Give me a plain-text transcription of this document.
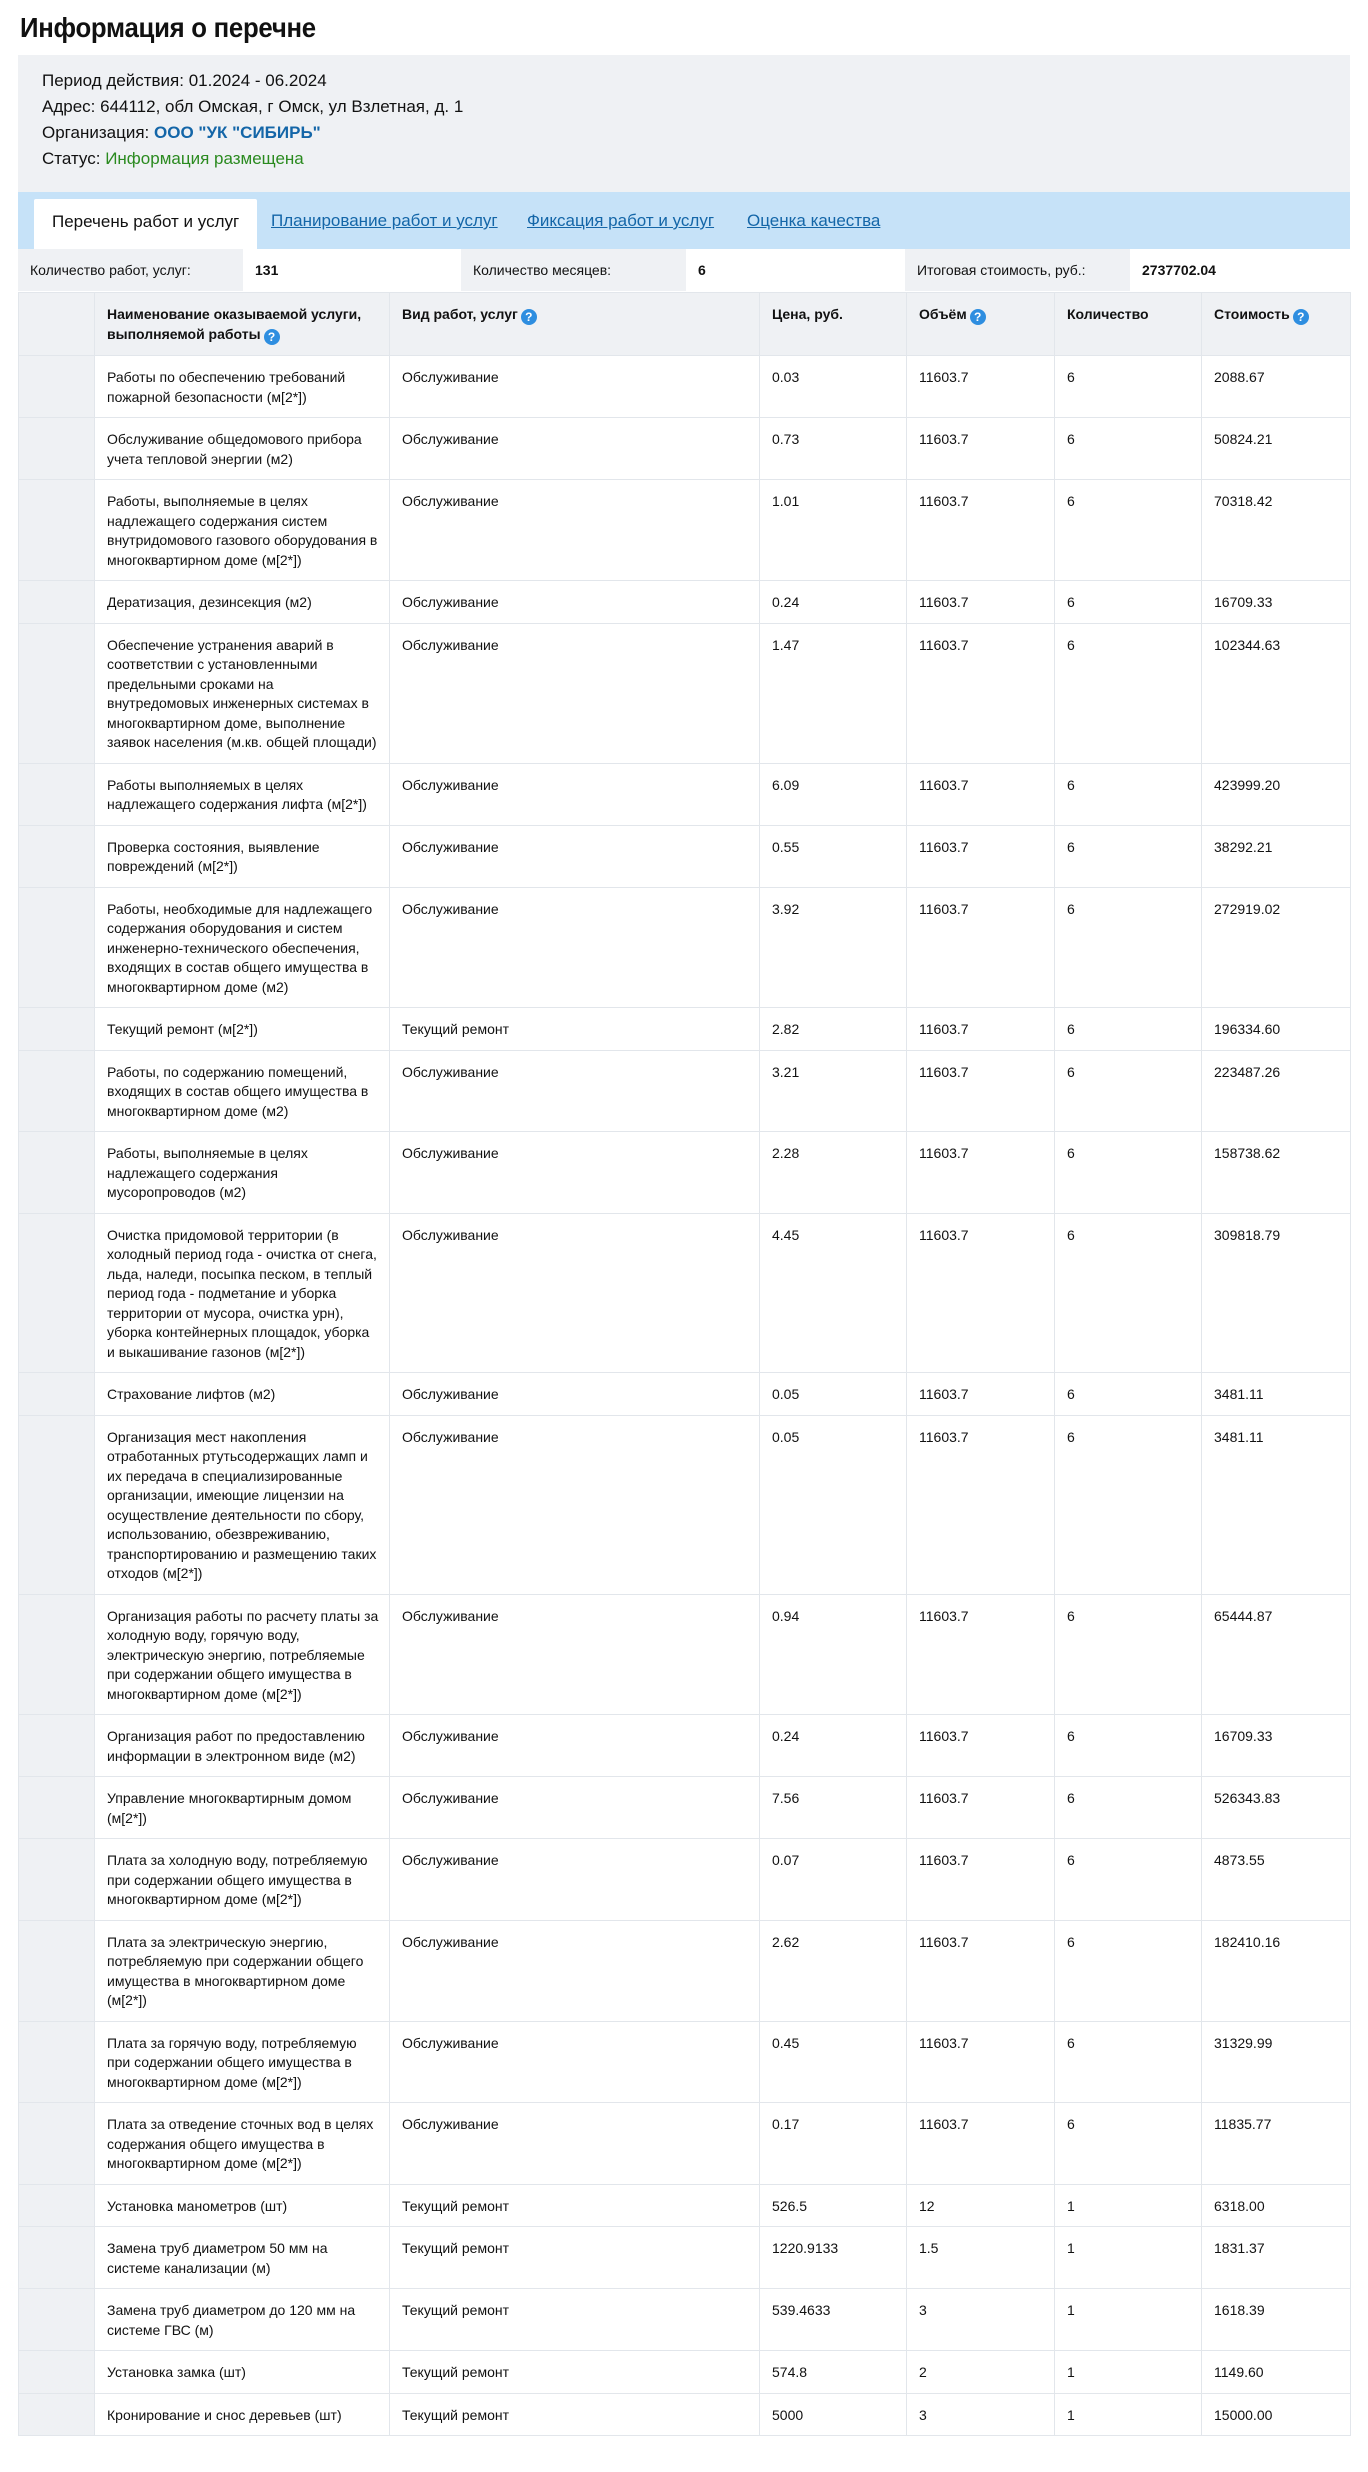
Информация о перечне
Период действия: 01.2024 - 06.2024
Адрес: 644112, обл Омская, г Омск, ул Взлетная, д. 1
Организация: ООО "УК "СИБИРЬ"
Статус: Информация размещена
Перечень работ и услуг	Планирование работ и услуг Фиксация работ и услуг Оценка качества
Количество работ, услуг:	131	Количество месяцев:	6	Итоговая стоимость, руб.:	2737702.04
	Наименование оказываемой услуги, выполняемой работы ?	Вид работ, услуг ?	Цена, руб.	Объём ?	Количество	Стоимость ?
	Работы по обеспечению требований пожарной безопасности (м[2*])	Обслуживание	0.03	11603.7	6	2088.67
	Обслуживание общедомового прибора учета тепловой энергии (м2)	Обслуживание	0.73	11603.7	6	50824.21
	Работы, выполняемые в целях надлежащего содержания систем внутридомового газового оборудования в многоквартирном доме (м[2*])	Обслуживание	1.01	11603.7	6	70318.42
	Дератизация, дезинсекция (м2)	Обслуживание	0.24	11603.7	6	16709.33
	Обеспечение устранения аварий в соответствии с установленными предельными сроками на внутредомовых инженерных системах в многоквартирном доме, выполнение заявок населения (м.кв. общей площади)	Обслуживание	1.47	11603.7	6	102344.63
	Работы выполняемых в целях надлежащего содержания лифта (м[2*])	Обслуживание	6.09	11603.7	6	423999.20
	Проверка состояния, выявление повреждений (м[2*])	Обслуживание	0.55	11603.7	6	38292.21
	Работы, необходимые для надлежащего содержания оборудования и систем инженерно-технического обеспечения, входящих в состав общего имущества в многоквартирном доме (м2)	Обслуживание	3.92	11603.7	6	272919.02
	Текущий ремонт (м[2*])	Текущий ремонт	2.82	11603.7	6	196334.60
	Работы, по содержанию помещений, входящих в состав общего имущества в многоквартирном доме (м2)	Обслуживание	3.21	11603.7	6	223487.26
	Работы, выполняемые в целях надлежащего содержания мусоропроводов (м2)	Обслуживание	2.28	11603.7	6	158738.62
	Очистка придомовой территории (в холодный период года - очистка от снега, льда, наледи, посыпка песком, в теплый период года - подметание и уборка территории от мусора, очистка урн), уборка контейнерных площадок, уборка и выкашивание газонов (м[2*])	Обслуживание	4.45	11603.7	6	309818.79
	Страхование лифтов (м2)	Обслуживание	0.05	11603.7	6	3481.11
	Организация мест накопления отработанных ртутьсодержащих ламп и их передача в специализированные организации, имеющие лицензии на осуществление деятельности по сбору, использованию, обезвреживанию, транспортированию и размещению таких отходов (м[2*])	Обслуживание	0.05	11603.7	6	3481.11
	Организация работы по расчету платы за холодную воду, горячую воду, электрическую энергию, потребляемые при содержании общего имущества в многоквартирном доме (м[2*])	Обслуживание	0.94	11603.7	6	65444.87
	Организация работ по предоставлению информации в электронном виде (м2)	Обслуживание	0.24	11603.7	6	16709.33
	Управление многоквартирным домом (м[2*])	Обслуживание	7.56	11603.7	6	526343.83
	Плата за холодную воду, потребляемую при содержании общего имущества в многоквартирном доме (м[2*])	Обслуживание	0.07	11603.7	6	4873.55
	Плата за электрическую энергию, потребляемую при содержании общего имущества в многоквартирном доме (м[2*])	Обслуживание	2.62	11603.7	6	182410.16
	Плата за горячую воду, потребляемую при содержании общего имущества в многоквартирном доме (м[2*])	Обслуживание	0.45	11603.7	6	31329.99
	Плата за отведение сточных вод в целях содержания общего имущества в многоквартирном доме (м[2*])	Обслуживание	0.17	11603.7	6	11835.77
	Установка манометров (шт)	Текущий ремонт	526.5	12	1	6318.00
	Замена труб диаметром 50 мм на системе канализации (м)	Текущий ремонт	1220.9133	1.5	1	1831.37
	Замена труб диаметром до 120 мм на системе ГВС (м)	Текущий ремонт	539.4633	3	1	1618.39
	Установка замка (шт)	Текущий ремонт	574.8	2	1	1149.60
	Кронирование и снос деревьев (шт)	Текущий ремонт	5000	3	1	15000.00
